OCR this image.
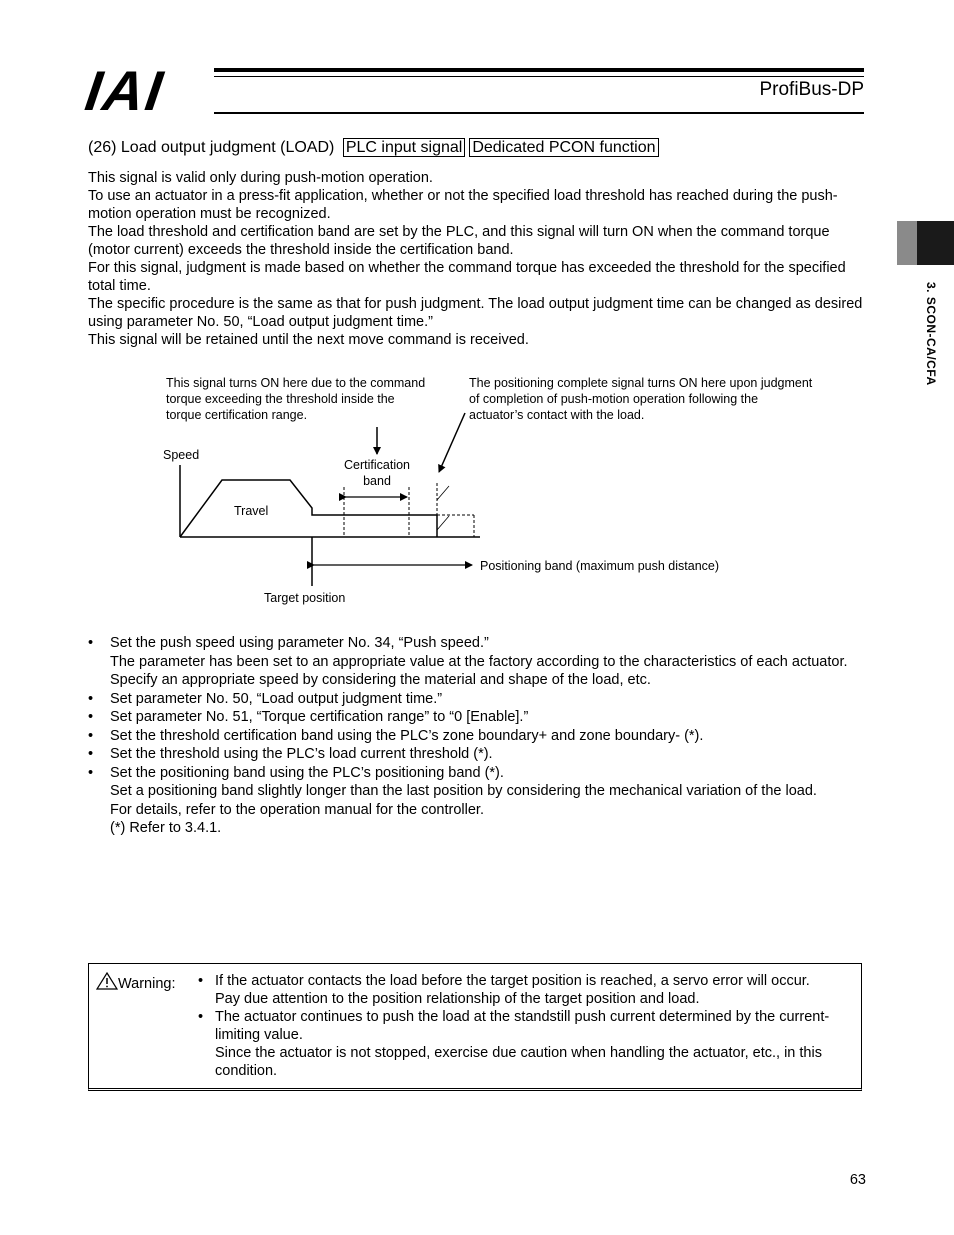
IAI	ProfiBus-DP
3. SCON-CA/CFA
(26) Load output judgment (LOAD) PLC input signal Dedicated PCON function
This signal is valid only during push-motion operation.
To use an actuator in a press-fit application, whether or not the specified load threshold has reached during the push-motion operation must be recognized.
The load threshold and certification band are set by the PLC, and this signal will turn ON when the command torque (motor current) exceeds the threshold inside the certification band.
For this signal, judgment is made based on whether the command torque has exceeded the threshold for the specified total time.
The specific procedure is the same as that for push judgment. The load output judgment time can be changed as desired using parameter No. 50, “Load output judgment time.”
This signal will be retained until the next move command is received.
This signal turns ON here due to the command torque exceeding the threshold inside the torque certification range.
The positioning complete signal turns ON here upon judgment of completion of push-motion operation following the actuator’s contact with the load.
Speed
Certification
band
Travel
Positioning band (maximum push distance)
Target position
• Set the push speed using parameter No. 34, “Push speed.”
The parameter has been set to an appropriate value at the factory according to the characteristics of each actuator.
Specify an appropriate speed by considering the material and shape of the load, etc.
• Set parameter No. 50, “Load output judgment time.”
• Set parameter No. 51, “Torque certification range” to “0 [Enable].”
• Set the threshold certification band using the PLC’s zone boundary+ and zone boundary- (*).
• Set the threshold using the PLC’s load current threshold (*).
• Set the positioning band using the PLC’s positioning band (*).
Set a positioning band slightly longer than the last position by considering the mechanical variation of the load.
For details, refer to the operation manual for the controller.
(*) Refer to 3.4.1.
Warning: • If the actuator contacts the load before the target position is reached, a servo error will occur.
Pay due attention to the position relationship of the target position and load.
• The actuator continues to push the load at the standstill push current determined by the current-limiting value.
Since the actuator is not stopped, exercise due caution when handling the actuator, etc., in this condition.
63
